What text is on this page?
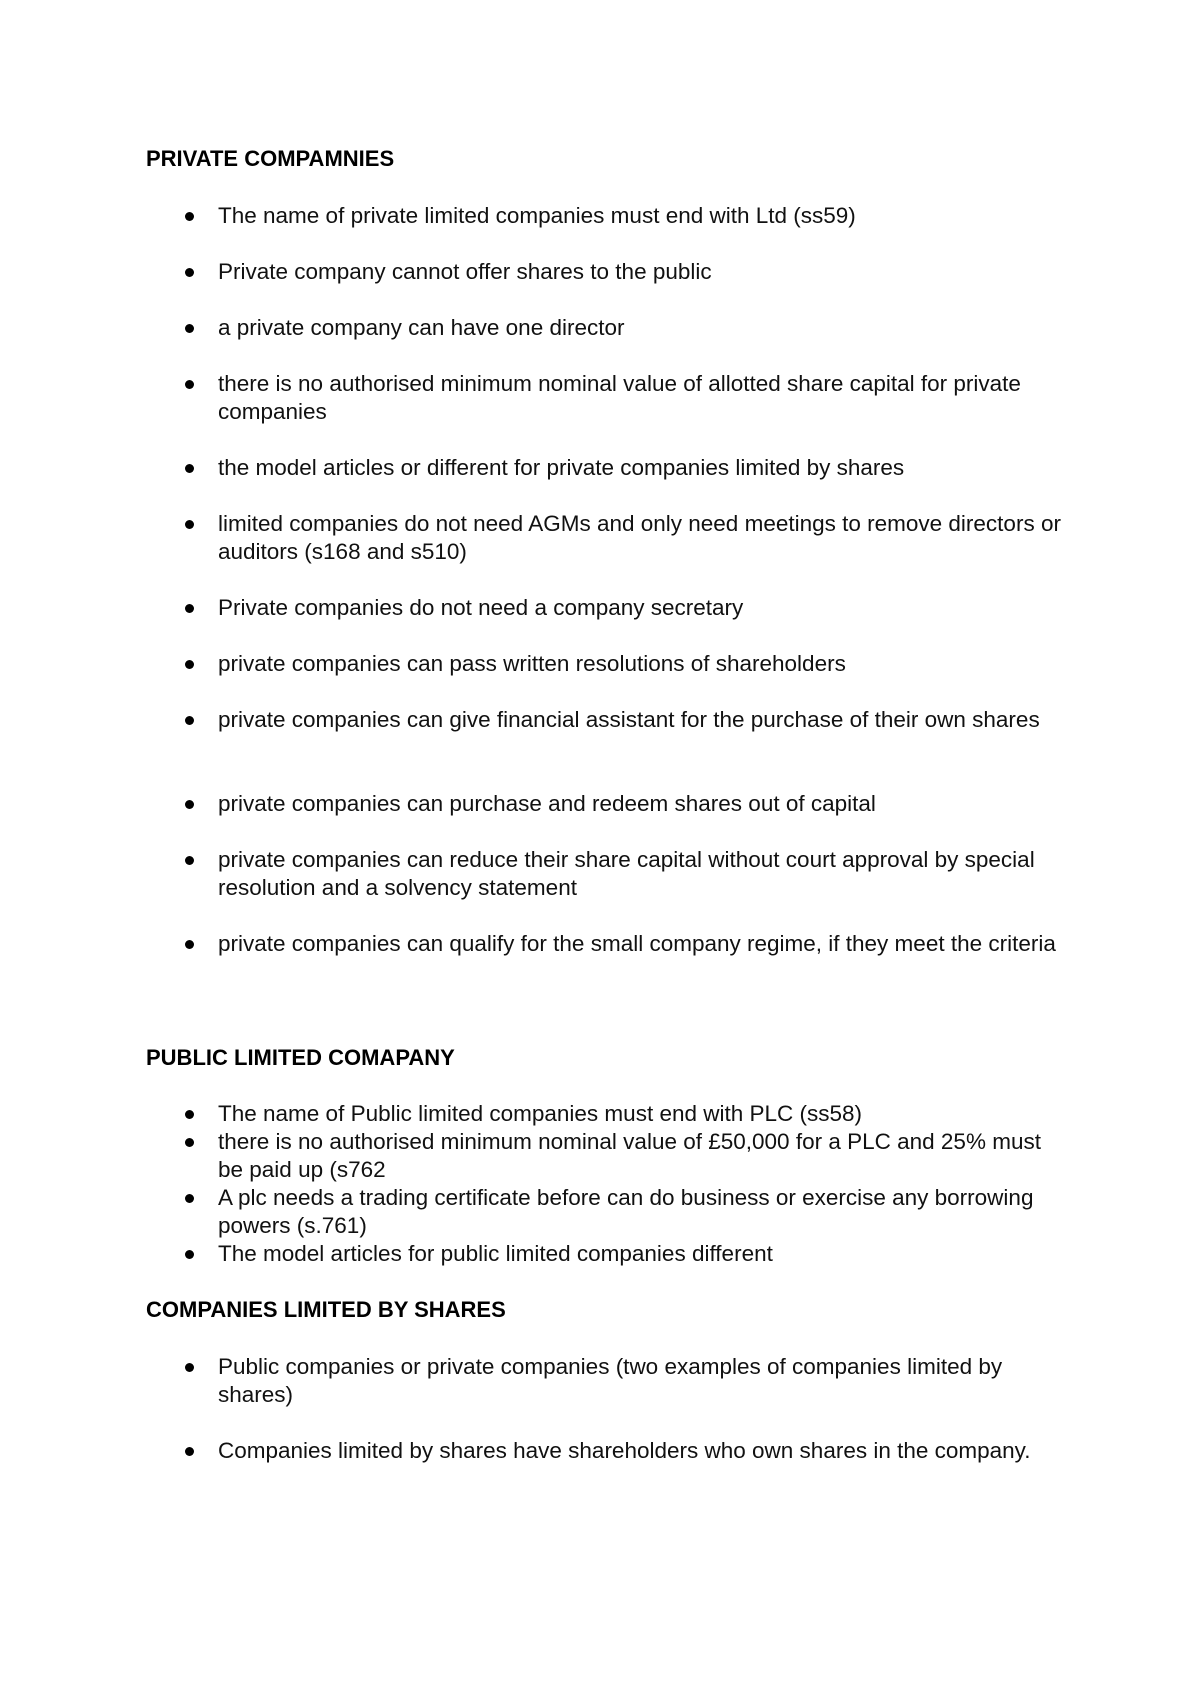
PRIVATE COMPAMNIES
The name of private limited companies must end with Ltd (ss59)
Private company cannot offer shares to the public
a private company can have one director
there is no authorised minimum nominal value of allotted share capital for private companies
the model articles or different for private companies limited by shares
limited companies do not need AGMs and only need meetings to remove directors or auditors (s168 and s510)
Private companies do not need a company secretary
private companies can pass written resolutions of shareholders
private companies can give financial assistant for the purchase of their own shares
private companies can purchase and redeem shares out of capital
private companies can reduce their share capital without court approval by special resolution and a solvency statement
private companies can qualify for the small company regime, if they meet the criteria
PUBLIC LIMITED COMAPANY
The name of Public limited companies must end with PLC (ss58)
there is no authorised minimum nominal value of £50,000 for a PLC and 25% must be paid up (s762
A plc needs a trading certificate before can do business or exercise any borrowing powers (s.761)
The model articles for public limited companies different
COMPANIES LIMITED BY SHARES
Public companies or private companies (two examples of companies limited by shares)
Companies limited by shares have shareholders who own shares in the company.
